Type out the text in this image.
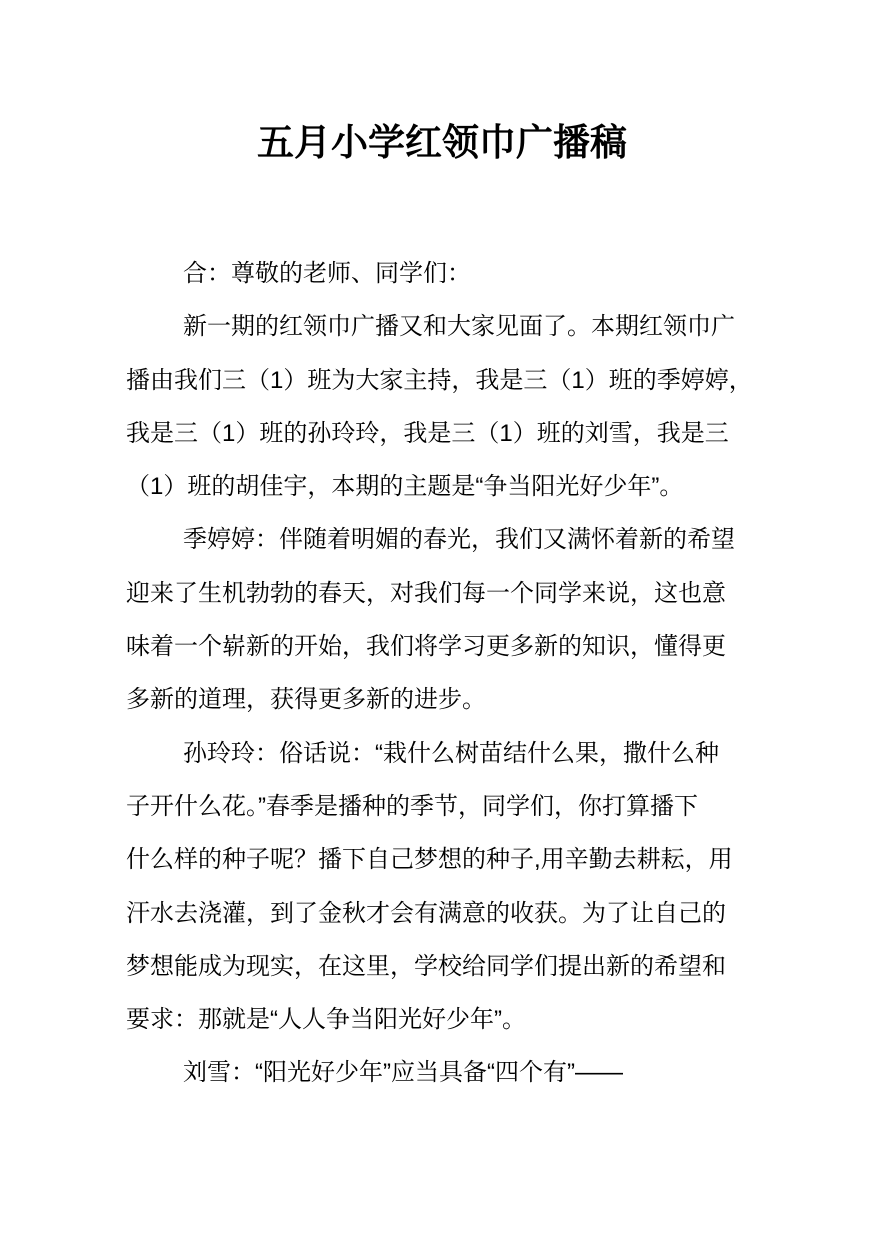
五月小学红领巾广播稿
合：尊敬的老师、同学们：
新一期的红领巾广播又和大家见面了。本期红领巾广
播由我们三（1）班为大家主持，我是三（1）班的季婷婷，
我是三（1）班的孙玲玲，我是三（1）班的刘雪，我是三
（1）班的胡佳宇，本期的主题是“争当阳光好少年”。
季婷婷：伴随着明媚的春光，我们又满怀着新的希望
迎来了生机勃勃的春天，对我们每一个同学来说，这也意
味着一个崭新的开始，我们将学习更多新的知识，懂得更
多新的道理，获得更多新的进步。
孙玲玲：俗话说：“栽什么树苗结什么果，撒什么种
子开什么花。”春季是播种的季节，同学们，你打算播下
什么样的种子呢？播下自己梦想的种子,用辛勤去耕耘，用
汗水去浇灌，到了金秋才会有满意的收获。为了让自己的
梦想能成为现实，在这里，学校给同学们提出新的希望和
要求：那就是“人人争当阳光好少年”。
刘雪：“阳光好少年”应当具备“四个有”——
